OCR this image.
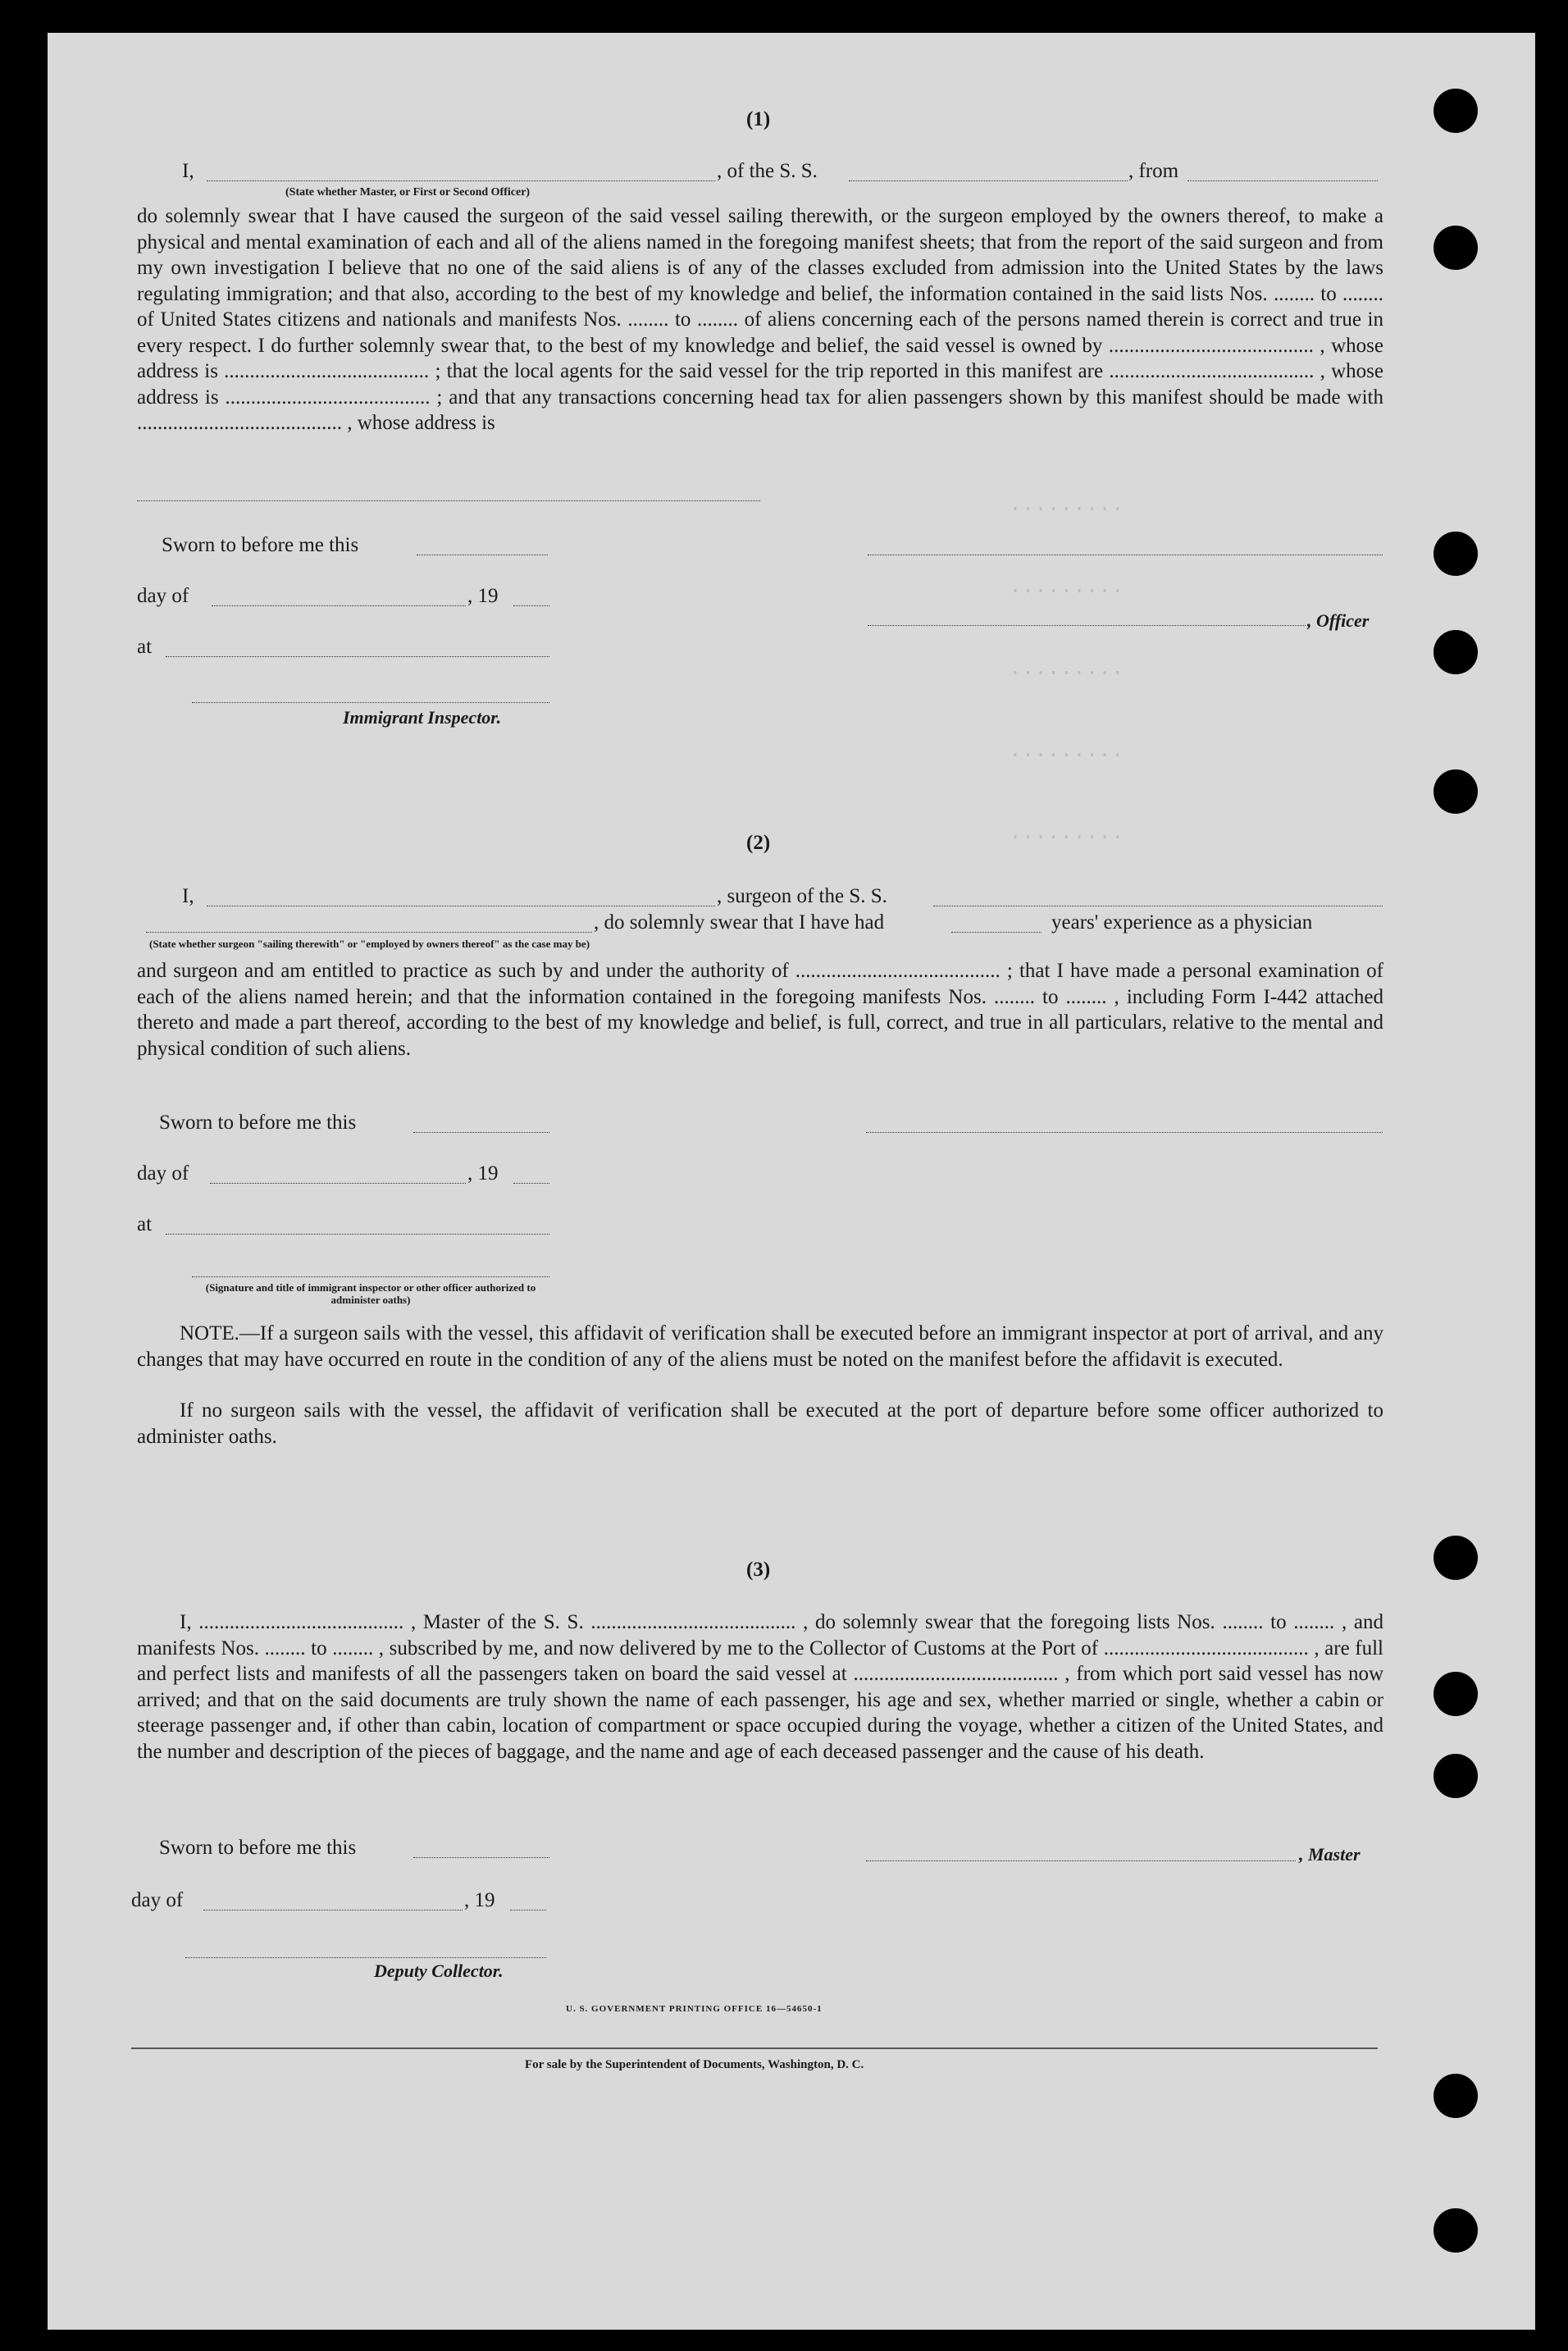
.........
.........
.........
.........
.........
(1)
I,	, of the S. S.	, from
(State whether Master, or First or Second Officer)
do solemnly swear that I have caused the surgeon of the said vessel sailing therewith, or the surgeon employed by the owners thereof, to make a physical and mental examination of each and all of the aliens named in the foregoing manifest sheets; that from the report of the said surgeon and from my own investigation I believe that no one of the said aliens is of any of the classes excluded from admission into the United States by the laws regulating immigration; and that also, according to the best of my knowledge and belief, the information contained in the said lists Nos. ........ to ........ of United States citizens and nationals and manifests Nos. ........ to ........ of aliens concerning each of the persons named therein is correct and true in every respect. I do further solemnly swear that, to the best of my knowledge and belief, the said vessel is owned by ........................................ , whose address is ........................................ ; that the local agents for the said vessel for the trip reported in this manifest are ........................................ , whose address is ........................................ ; and that any transactions concerning head tax for alien passengers shown by this manifest should be made with ........................................ , whose address is
Sworn to before me this
day of	, 19
, Officer
at
Immigrant Inspector.
(2)
I,	, surgeon of the S. S.
, do solemnly swear that I have had	years' experience as a physician
(State whether surgeon "sailing therewith" or "employed by owners thereof" as the case may be)
and surgeon and am entitled to practice as such by and under the authority of ........................................ ; that I have made a personal examination of each of the aliens named herein; and that the information contained in the foregoing manifests Nos. ........ to ........ , including Form I-442 attached thereto and made a part thereof, according to the best of my knowledge and belief, is full, correct, and true in all particulars, relative to the mental and physical condition of such aliens.
Sworn to before me this
day of	, 19
at
(Signature and title of immigrant inspector or other officer authorized to administer oaths)
NOTE.—If a surgeon sails with the vessel, this affidavit of verification shall be executed before an immigrant inspector at port of arrival, and any changes that may have occurred en route in the condition of any of the aliens must be noted on the manifest before the affidavit is executed.
If no surgeon sails with the vessel, the affidavit of verification shall be executed at the port of departure before some officer authorized to administer oaths.
(3)
I, ........................................ , Master of the S. S. ........................................ , do solemnly swear that the foregoing lists Nos. ........ to ........ , and manifests Nos. ........ to ........ , subscribed by me, and now delivered by me to the Collector of Customs at the Port of ........................................ , are full and perfect lists and manifests of all the passengers taken on board the said vessel at ........................................ , from which port said vessel has now arrived; and that on the said documents are truly shown the name of each passenger, his age and sex, whether married or single, whether a cabin or steerage passenger and, if other than cabin, location of compartment or space occupied during the voyage, whether a citizen of the United States, and the number and description of the pieces of baggage, and the name and age of each deceased passenger and the cause of his death.
Sworn to before me this	, Master
day of	, 19
Deputy Collector.
U. S. GOVERNMENT PRINTING OFFICE 16—54650-1
For sale by the Superintendent of Documents, Washington, D. C.
